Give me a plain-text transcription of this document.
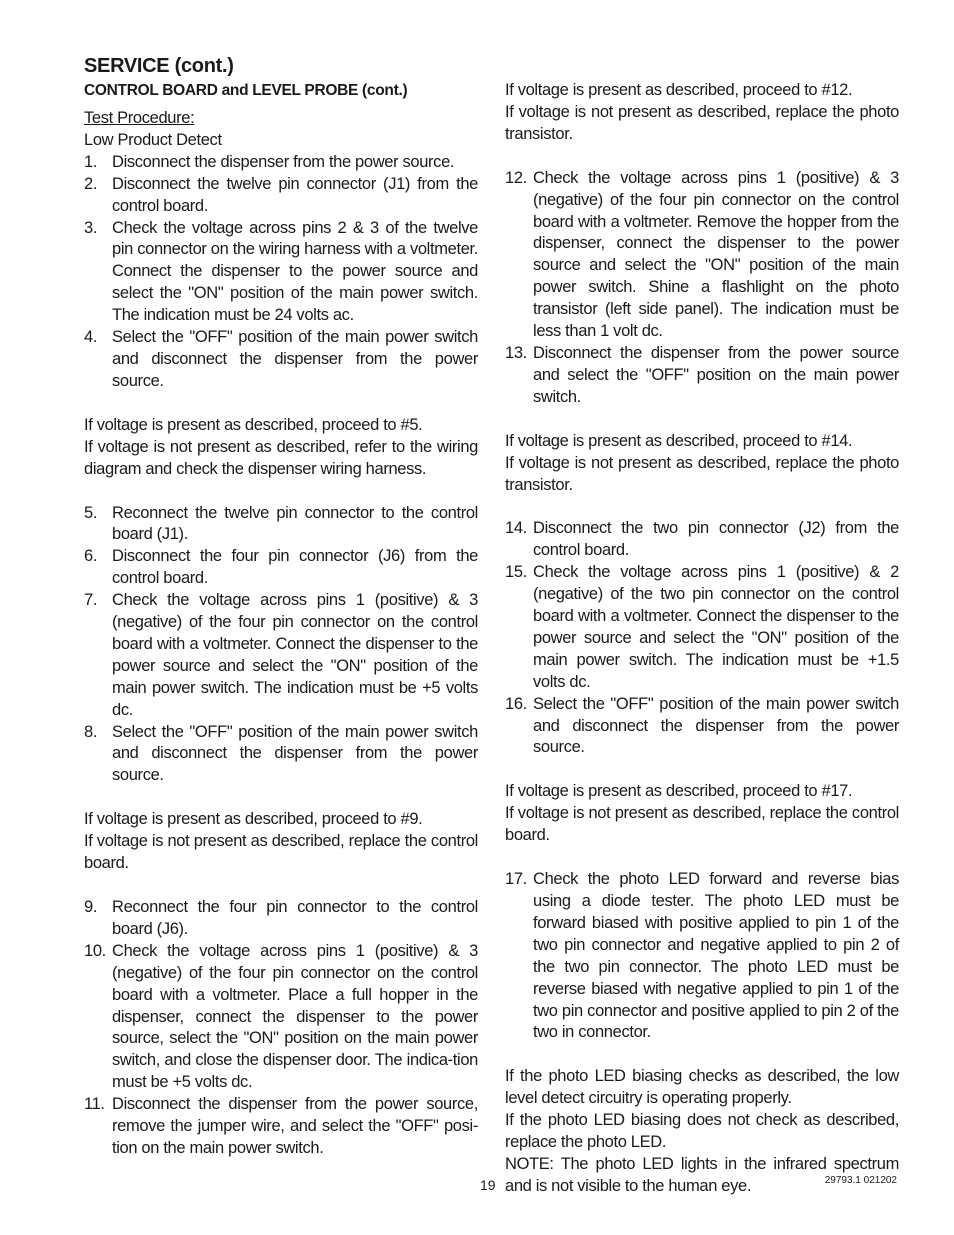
SERVICE (cont.)
CONTROL BOARD and LEVEL PROBE (cont.)

Test Procedure:

Low Product Detect

1. Disconnect the dispenser from the power source.
2. Disconnect the twelve pin connector (J1) from the control board.
3. Check the voltage across pins 2 & 3 of the twelve pin connector on the wiring harness with a voltmeter. Connect the dispenser to the power source and select the "ON" position of the main power switch. The indication must be 24 volts ac.
4. Select the "OFF" position of the main power switch and disconnect the dispenser from the power source.

If voltage is present as described, proceed to #5.

If voltage is not present as described, refer to the wiring diagram and check the dispenser wiring harness.

5. Reconnect the twelve pin connector to the control board (J1).
6. Disconnect the four pin connector (J6) from the control board.
7. Check the voltage across pins 1 (positive) & 3 (negative) of the four pin connector on the control board with a voltmeter. Connect the dispenser to the power source and select the "ON" position of the main power switch. The indication must be +5 volts dc.
8. Select the "OFF" position of the main power switch and disconnect the dispenser from the power source.

If voltage is present as described, proceed to #9.

If voltage is not present as described, replace the control board.

9. Reconnect the four pin connector to the control board (J6).
10. Check the voltage across pins 1 (positive) & 3 (negative) of the four pin connector on the control board with a voltmeter. Place a full hopper in the dispenser, connect the dispenser to the power source, select the "ON" position on the main power switch, and close the dispenser door. The indica-tion must be +5 volts dc.
11. Disconnect the dispenser from the power source, remove the jumper wire, and select the "OFF" posi-tion on the main power switch.

If voltage is present as described, proceed to #12.

If voltage is not present as described, replace the photo transistor.

12. Check the voltage across pins 1 (positive) & 3 (negative) of the four pin connector on the control board with a voltmeter. Remove the hopper from the dispenser, connect the dispenser to the power source and select the "ON" position of the main power switch. Shine a flashlight on the photo transistor (left side panel). The indication must be less than 1 volt dc.
13. Disconnect the dispenser from the power source and select the "OFF" position on the main power switch.

If voltage is present as described, proceed to #14.

If voltage is not present as described, replace the photo transistor.

14. Disconnect the two pin connector (J2) from the control board.
15. Check the voltage across pins 1 (positive) & 2 (negative) of the two pin connector on the control board with a voltmeter. Connect the dispenser to the power source and select the "ON" position of the main power switch. The indication must be +1.5 volts dc.
16. Select the "OFF" position of the main power switch and disconnect the dispenser from the power source.

If voltage is present as described, proceed to #17.

If voltage is not present as described, replace the control board.

17. Check the photo LED forward and reverse bias using a diode tester. The photo LED must be forward biased with positive applied to pin 1 of the two pin connector and negative applied to pin 2 of the two pin connector. The photo LED must be reverse biased with negative applied to pin 1 of the two pin connector and positive applied to pin 2 of the two in connector.

If the photo LED biasing checks as described, the low level detect circuitry is operating properly.

If the photo LED biasing does not check as described, replace the photo LED.

NOTE: The photo LED lights in the infrared spectrum and is not visible to the human eye.

19	29793.1 021202
